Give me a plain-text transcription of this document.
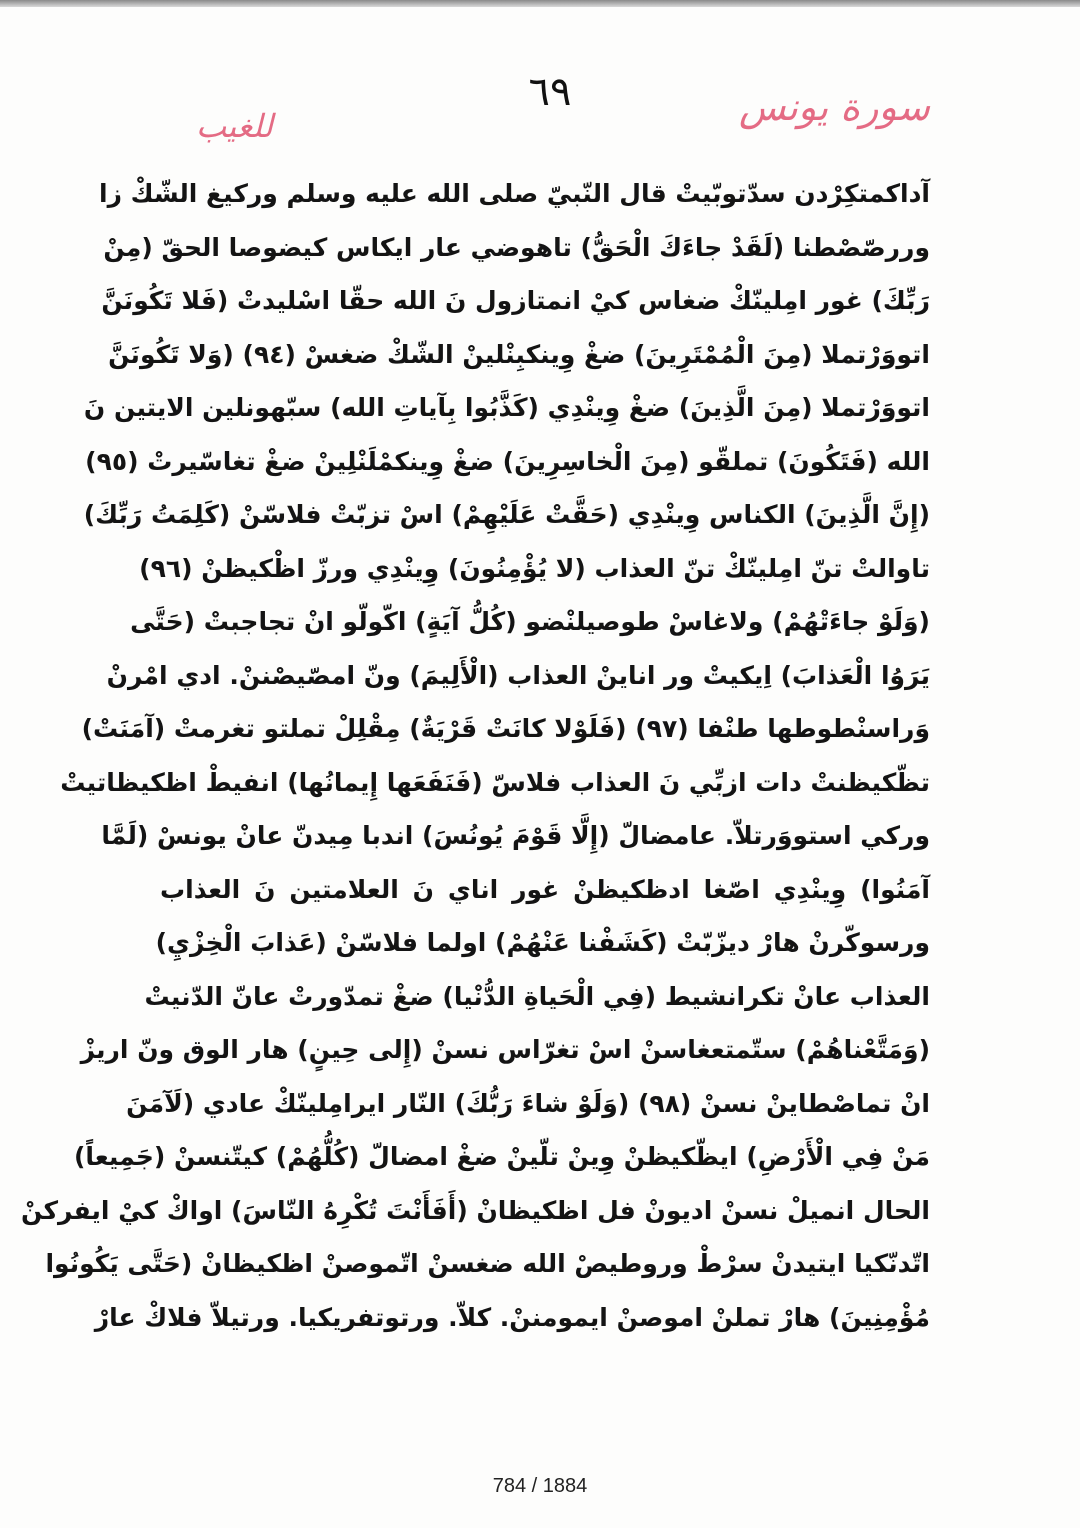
للغيب
٦٩	سورة يونس
آداكمتكِرْدن سدّتوبّيتْ قال النّبيّ صلى الله عليه وسلم وركيغ الشّكْ زا
وررصّصْطنا (لَقَدْ جاءَكَ الْحَقُّ) تاهوضي عار ايكاس كيضوصا الحقّ (مِنْ
رَبِّكَ) غور امِلينّكْ ضغاس كيْ انمتازول نَ الله حقّا اسْليدتْ (فَلا تَكُونَنَّ
اتووَرْتملا (مِنَ الْمُمْتَرِينَ) ضغْ وِينكبِنْلينْ الشّكْ ضغسْ (٩٤) (وَلا تَكُونَنَّ
اتووَرْتملا (مِنَ الَّذِينَ) ضغْ وِينْدِي (كَذَّبُوا بِآياتِ الله) سبّهونلين الايتين نَ
الله (فَتَكُونَ) تملقّو (مِنَ الْخاسِرِينَ) ضغْ وِينكمْلَنْلِينْ ضغْ تغاسّيرتْ (٩٥)
(إِنَّ الَّذِينَ) الكناس وِينْدِي (حَقَّتْ عَلَيْهِمْ) اسْ تزبّتْ فلاسّنْ (كَلِمَتُ رَبِّكَ)
تاوالتْ تنّ امِلينّكْ تنّ العذاب (لا يُؤْمِنُونَ) وِينْدِي ورزّ اظْكيظنْ (٩٦)
(وَلَوْ جاءَتْهُمْ) ولاغاسْ طوصيلنْضو (كُلُّ آيَةٍ) اكّولّو انْ تجاجبتْ (حَتَّى
يَرَوُا الْعَذابَ) اِيكيتْ ور اناينْ العذاب (الْأَلِيمَ) ونّ امصّيصْننْ. ادي امْرنْ
وَراسنْطوطها طنْفا (٩٧) (فَلَوْلا كانَتْ قَرْيَةٌ) مِقْلِلْ تملتو تغرمتْ (آمَنَتْ)
تظّكيظنتْ دات ازبِّي نَ العذاب فلاسّ (فَنَفَعَها إِيمانُها) انفيطْ اظكيظاتيتْ
وركي استووَرتلاّ. عامضالّ (إِلَّا قَوْمَ يُونُسَ) اندبا مِيدنّ عانْ يونسْ (لَمَّا
آمَنُوا) وِينْدِي اصّغا ادظكيظنْ غور اناي نَ العلامتين نَ العذاب
ورسوكّرنْ هارْ ديزّبّتْ (كَشَفْنا عَنْهُمْ) اولما فلاسّنْ (عَذابَ الْخِزْيِ)
العذاب عانْ تكرانشيط (فِي الْحَياةِ الدُّنْيا) ضغْ تمدّورتْ عانّ الدّنيتْ
(وَمَتَّعْناهُمْ) ستّمتعغاسنْ اسْ تغرّاس نسنْ (إِلى حِينٍ) هار الوق ونّ اريزْ
انْ تماصْطاينْ نسنْ (٩٨) (وَلَوْ شاءَ رَبُّكَ) النّار ايرامِلينّكْ عادي (لَآمَنَ
مَنْ فِي الْأَرْضِ) ايظّكيظنْ وِينْ تلّينْ ضغْ امضالّ (كُلُّهُمْ) كيتّنسنْ (جَمِيعاً)
الحال انميلْ نسنْ اديونْ فل اظكيظانْ (أَفَأَنْتَ تُكْرِهُ النّاسَ) اواكْ كيْ ايفركنْ
اتّدنّكيا ايتيدنْ سرْطْ وروطيصْ الله ضغسنْ اتّموصنْ اظكيظانْ (حَتَّى يَكُونُوا
مُؤْمِنِينَ) هارْ تملنْ اموصنْ ايمومننْ. كلاّ. ورتوتفريكيا. ورتيلاّ فلاكْ عارْ
784 / 1884
